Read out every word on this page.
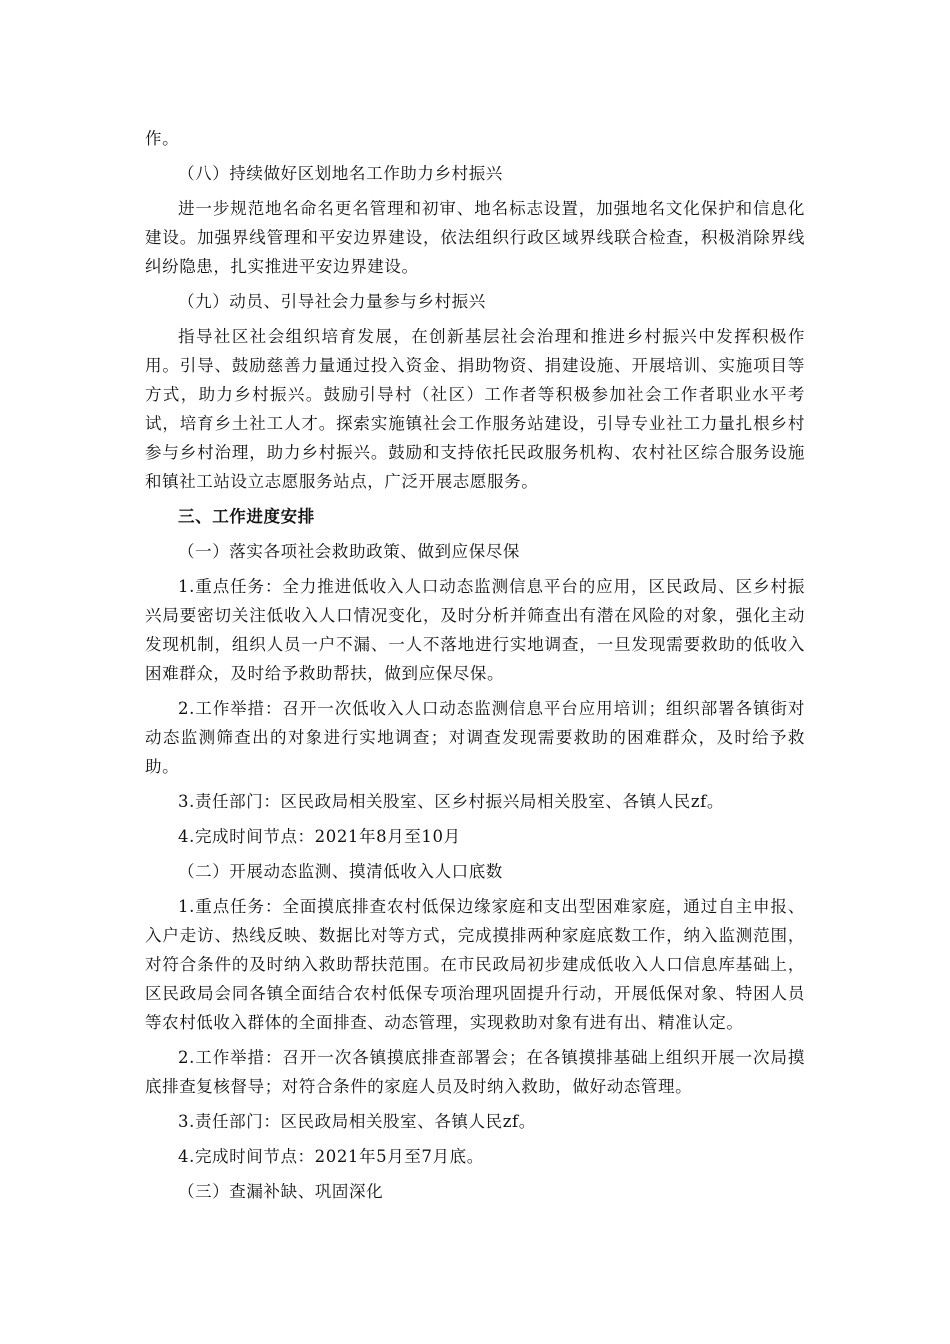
作。

（八）持续做好区划地名工作助力乡村振兴

进一步规范地名命名更名管理和初审、地名标志设置，加强地名文化保护和信息化建设。加强界线管理和平安边界建设，依法组织行政区域界线联合检查，积极消除界线纠纷隐患，扎实推进平安边界建设。

（九）动员、引导社会力量参与乡村振兴

指导社区社会组织培育发展，在创新基层社会治理和推进乡村振兴中发挥积极作用。引导、鼓励慈善力量通过投入资金、捐助物资、捐建设施、开展培训、实施项目等方式，助力乡村振兴。鼓励引导村（社区）工作者等积极参加社会工作者职业水平考试，培育乡土社工人才。探索实施镇社会工作服务站建设，引导专业社工力量扎根乡村参与乡村治理，助力乡村振兴。鼓励和支持依托民政服务机构、农村社区综合服务设施和镇社工站设立志愿服务站点，广泛开展志愿服务。

三、工作进度安排

（一）落实各项社会救助政策、做到应保尽保

1.重点任务：全力推进低收入人口动态监测信息平台的应用，区民政局、区乡村振兴局要密切关注低收入人口情况变化，及时分析并筛查出有潜在风险的对象，强化主动发现机制，组织人员一户不漏、一人不落地进行实地调查，一旦发现需要救助的低收入困难群众，及时给予救助帮扶，做到应保尽保。

2.工作举措：召开一次低收入人口动态监测信息平台应用培训；组织部署各镇街对动态监测筛查出的对象进行实地调查；对调查发现需要救助的困难群众，及时给予救助。

3.责任部门：区民政局相关股室、区乡村振兴局相关股室、各镇人民zf。

4.完成时间节点：2021年8月至10月

（二）开展动态监测、摸清低收入人口底数

1.重点任务：全面摸底排查农村低保边缘家庭和支出型困难家庭，通过自主申报、入户走访、热线反映、数据比对等方式，完成摸排两种家庭底数工作，纳入监测范围，对符合条件的及时纳入救助帮扶范围。在市民政局初步建成低收入人口信息库基础上，区民政局会同各镇全面结合农村低保专项治理巩固提升行动，开展低保对象、特困人员等农村低收入群体的全面排查、动态管理，实现救助对象有进有出、精准认定。

2.工作举措：召开一次各镇摸底排查部署会；在各镇摸排基础上组织开展一次局摸底排查复核督导；对符合条件的家庭人员及时纳入救助，做好动态管理。

3.责任部门：区民政局相关股室、各镇人民zf。

4.完成时间节点：2021年5月至7月底。

（三）查漏补缺、巩固深化
